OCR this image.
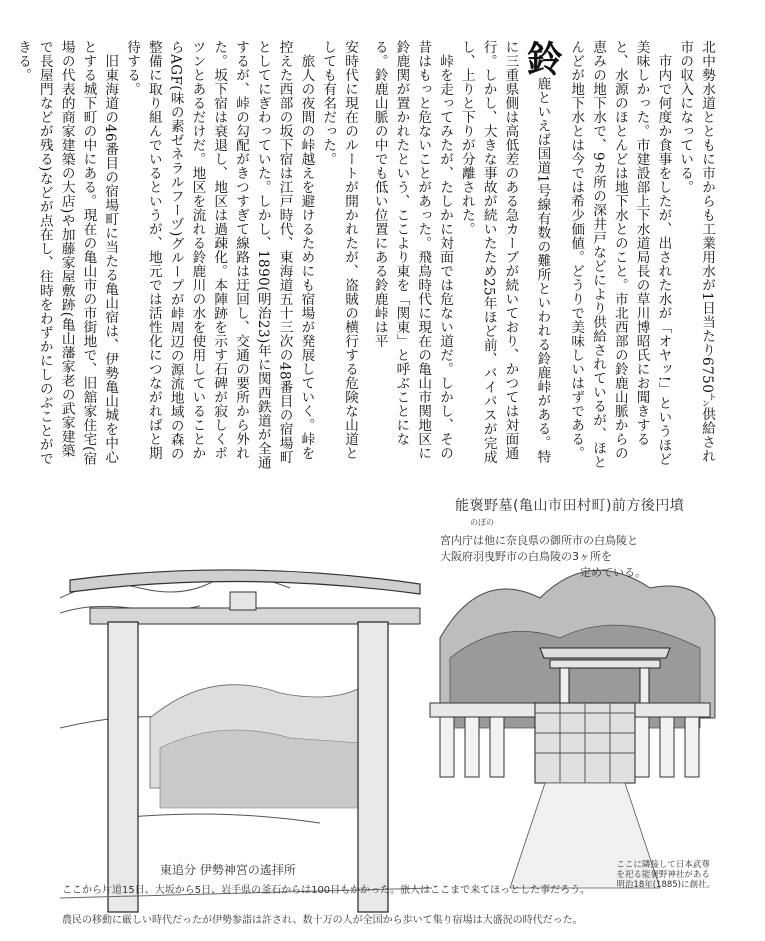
北中勢水道とともに市からも工業用水が1日当たり6750㌧供給され市の収入になっている。

市内で何度か食事をしたが、出された水が「オヤッ!」というほど美味しかった。市建設部上下水道局長の草川博昭氏にお聞きすると、水源のほとんどは地下水とのこと。市北西部の鈴鹿山脈からの恵みの地下水で、9カ所の深井戸などにより供給されているが、ほとんどが地下水とは今では希少価値。どうりで美味しいはずである。

鈴鹿といえば国道1号線有数の難所といわれる鈴鹿峠がある。特に三重県側は高低差のある急カーブが続いており、かつては対面通行。しかし、大きな事故が続いたため25年ほど前、バイパスが完成し、上りと下りが分離された。

峠を走ってみたが、たしかに対面では危ない道だ。しかし、その昔はもっと危ないことがあった。飛鳥時代に現在の亀山市関地区に鈴鹿関が置かれたという、ここより東を「関東」と呼ぶことになる。鈴鹿山脈の中でも低い位置にある鈴鹿峠は平

安時代に現在のルートが開かれたが、盗賊の横行する危険な山道としても有名だった。

旅人の夜間の峠越えを避けるためにも宿場が発展していく。峠を控えた西部の坂下宿は江戸時代、東海道五十三次の48番目の宿場町としてにぎわっていた。しかし、1890(明治23)年に関西鉄道が全通するが、峠の勾配がきつすぎて線路は迂回し、交通の要所から外れた。坂下宿は衰退し、地区は過疎化。本陣跡を示す石碑が寂しくポツンとあるだけだ。地区を流れる鈴鹿川の水を使用していることからAGF(味の素ゼネラルフーヅ)グループが峠周辺の源流地域の森の整備に取り組んでいるというが、地元では活性化につながればと期待する。

旧東海道の46番目の宿場町に当たる亀山宿は、伊勢亀山城を中心とする城下町の中にある。現在の亀山市の市街地で、旧舘家住宅(宿場の代表的商家建築の大店)や加藤家屋敷跡(亀山藩家老の武家建築で長屋門などが残る)などが点在し、往時をわずかにしのぶことができる。

能褒野墓(亀山市田村町)前方後円墳
のぼの
宮内庁は他に奈良県の御所市の白鳥陵と
大阪府羽曳野市の白鳥陵の3ヶ所を
定めている。
ここに隣接して日本武尊
を祀る能褒野神社がある
明治18年(1885)に創社。
東追分 伊勢神宮の遙拝所
ここから片道15日、大坂から5日、岩手県の釜石からは100日もかかった。旅人はここまで来てほっとした事だろう。
農民の移動に厳しい時代だったが伊勢参詣は許され、数十万の人が全国から歩いて集り宿場は大盛況の時代だった。
